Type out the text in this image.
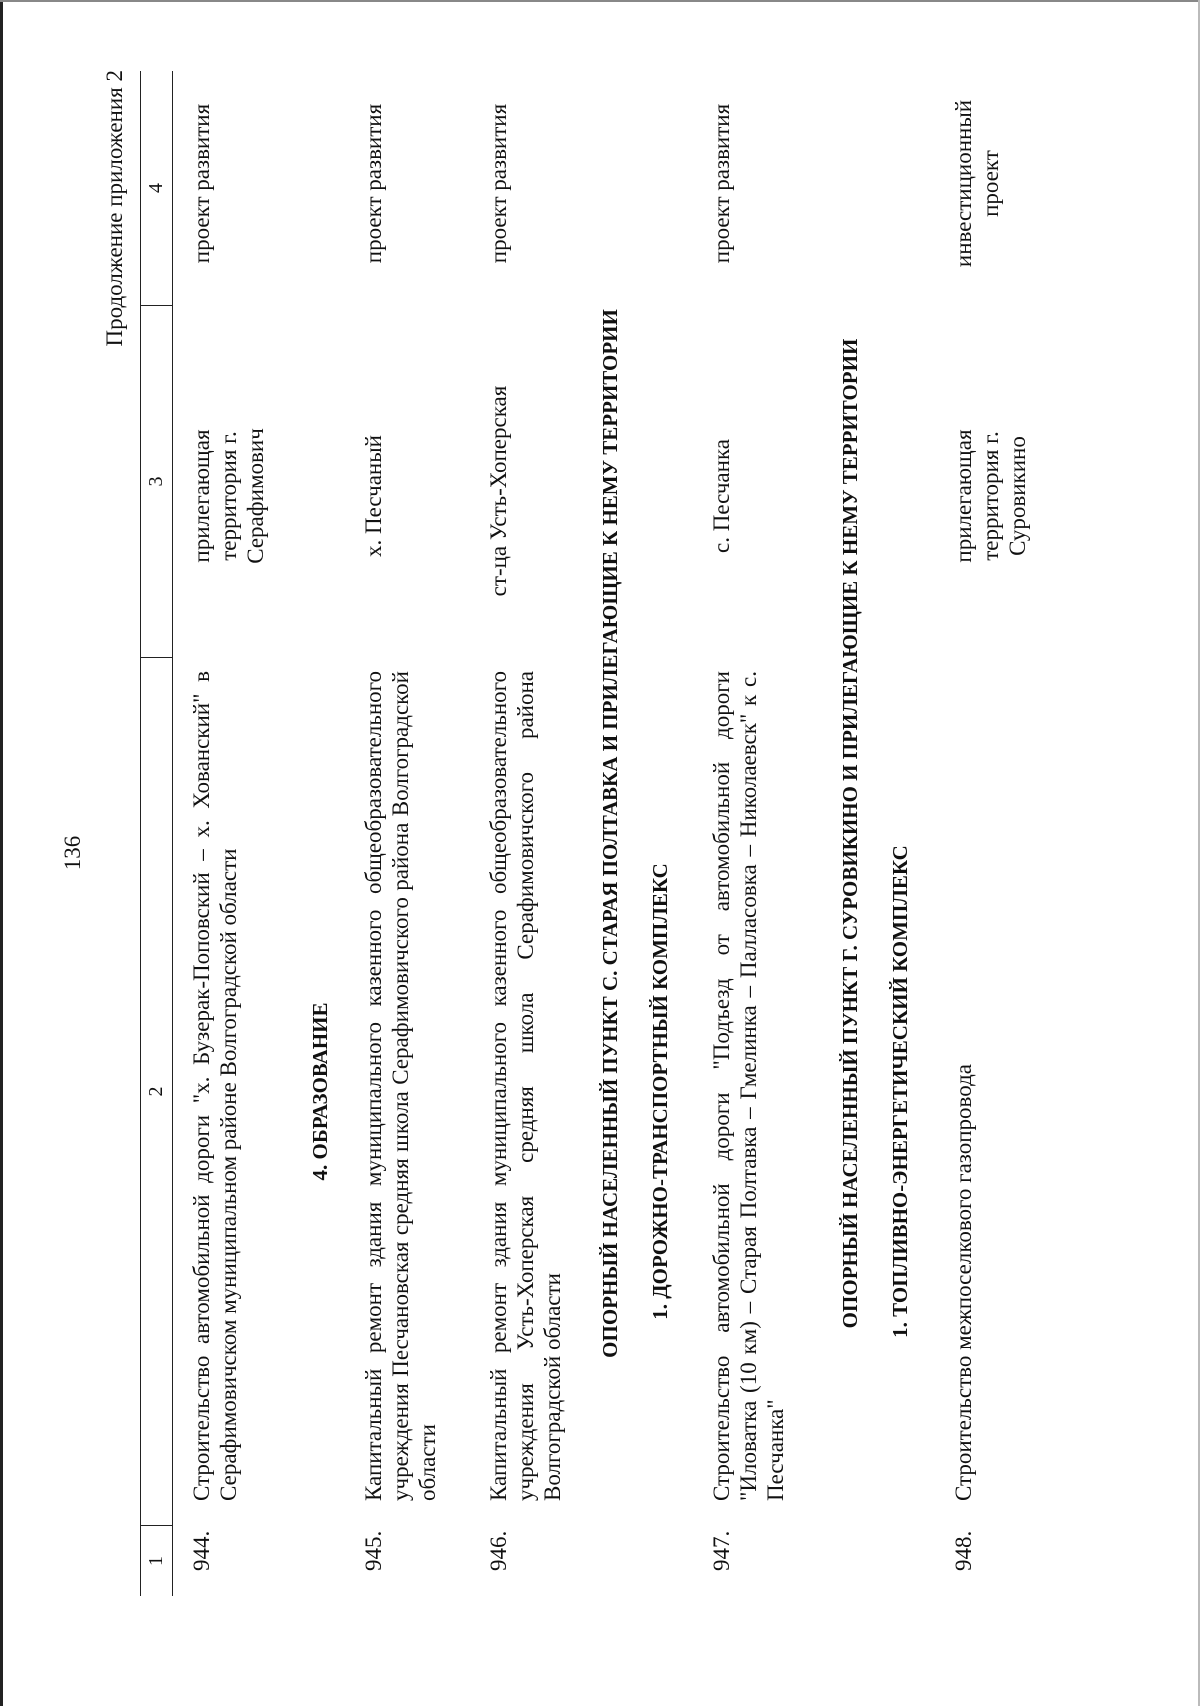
136
Продолжение приложения 2
1
2
3
4
944.
Строительство автомобильной дороги "х. Бузерак-Поповский – х. Хованский" в Серафимовичском муниципальном районе Волгоградской области
прилегающая территория г. Серафимович
проект развития
4. ОБРАЗОВАНИЕ
945.
Капитальный ремонт здания муниципального казенного общеобразовательного учреждения Песчановская средняя школа Серафимовичского района Волгоградской области
х. Песчаный
проект развития
946.
Капитальный ремонт здания муниципального казенного общеобразовательного учреждения Усть-Хоперская средняя школа Серафимовичского района Волгоградской области
ст-ца Усть-Хоперская
проект развития
ОПОРНЫЙ НАСЕЛЕННЫЙ ПУНКТ С. СТАРАЯ ПОЛТАВКА И ПРИЛЕГАЮЩИЕ К НЕМУ ТЕРРИТОРИИ 1. ДОРОЖНО-ТРАНСПОРТНЫЙ КОМПЛЕКС
947.
Строительство автомобильной дороги "Подъезд от автомобильной дороги "Иловатка (10 км) – Старая Полтавка – Гмелинка – Палласовка – Николаевск" к с. Песчанка"
с. Песчанка
проект развития
ОПОРНЫЙ НАСЕЛЕННЫЙ ПУНКТ Г. СУРОВИКИНО И ПРИЛЕГАЮЩИЕ К НЕМУ ТЕРРИТОРИИ 1. ТОПЛИВНО-ЭНЕРГЕТИЧЕСКИЙ КОМПЛЕКС
948.
Строительство межпоселкового газопровода
прилегающая территория г. Суровикино
инвестиционный проект
